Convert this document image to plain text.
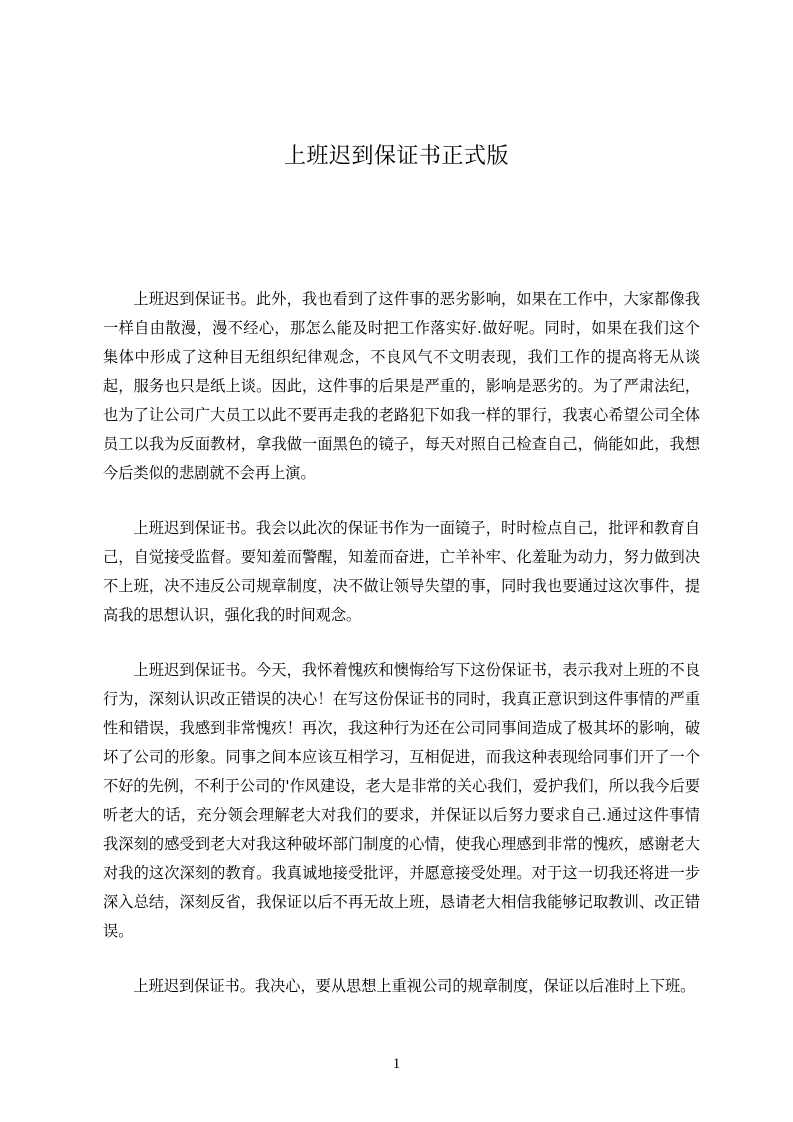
上班迟到保证书正式版

上班迟到保证书。此外，我也看到了这件事的恶劣影响，如果在工作中，大家都像我一样自由散漫，漫不经心，那怎么能及时把工作落实好.做好呢。同时，如果在我们这个集体中形成了这种目无组织纪律观念，不良风气不文明表现，我们工作的提高将无从谈起，服务也只是纸上谈。因此，这件事的后果是严重的，影响是恶劣的。为了严肃法纪，也为了让公司广大员工以此不要再走我的老路犯下如我一样的罪行，我衷心希望公司全体员工以我为反面教材，拿我做一面黑色的镜子，每天对照自己检查自己，倘能如此，我想今后类似的悲剧就不会再上演。

上班迟到保证书。我会以此次的保证书作为一面镜子，时时检点自己，批评和教育自己，自觉接受监督。要知羞而警醒，知羞而奋进，亡羊补牢、化羞耻为动力，努力做到决不上班，决不违反公司规章制度，决不做让领导失望的事，同时我也要通过这次事件，提高我的思想认识，强化我的时间观念。

上班迟到保证书。今天，我怀着愧疚和懊悔给写下这份保证书，表示我对上班的不良行为，深刻认识改正错误的决心！在写这份保证书的同时，我真正意识到这件事情的严重性和错误，我感到非常愧疚！再次，我这种行为还在公司同事间造成了极其坏的影响，破坏了公司的形象。同事之间本应该互相学习，互相促进，而我这种表现给同事们开了一个不好的先例，不利于公司的'作风建设，老大是非常的关心我们，爱护我们，所以我今后要听老大的话，充分领会理解老大对我们的要求，并保证以后努力要求自己.通过这件事情我深刻的感受到老大对我这种破坏部门制度的心情，使我心理感到非常的愧疚，感谢老大对我的这次深刻的教育。我真诚地接受批评，并愿意接受处理。对于这一切我还将进一步深入总结，深刻反省，我保证以后不再无故上班，恳请老大相信我能够记取教训、改正错误。

上班迟到保证书。我决心，要从思想上重视公司的规章制度，保证以后准时上下班。

1
